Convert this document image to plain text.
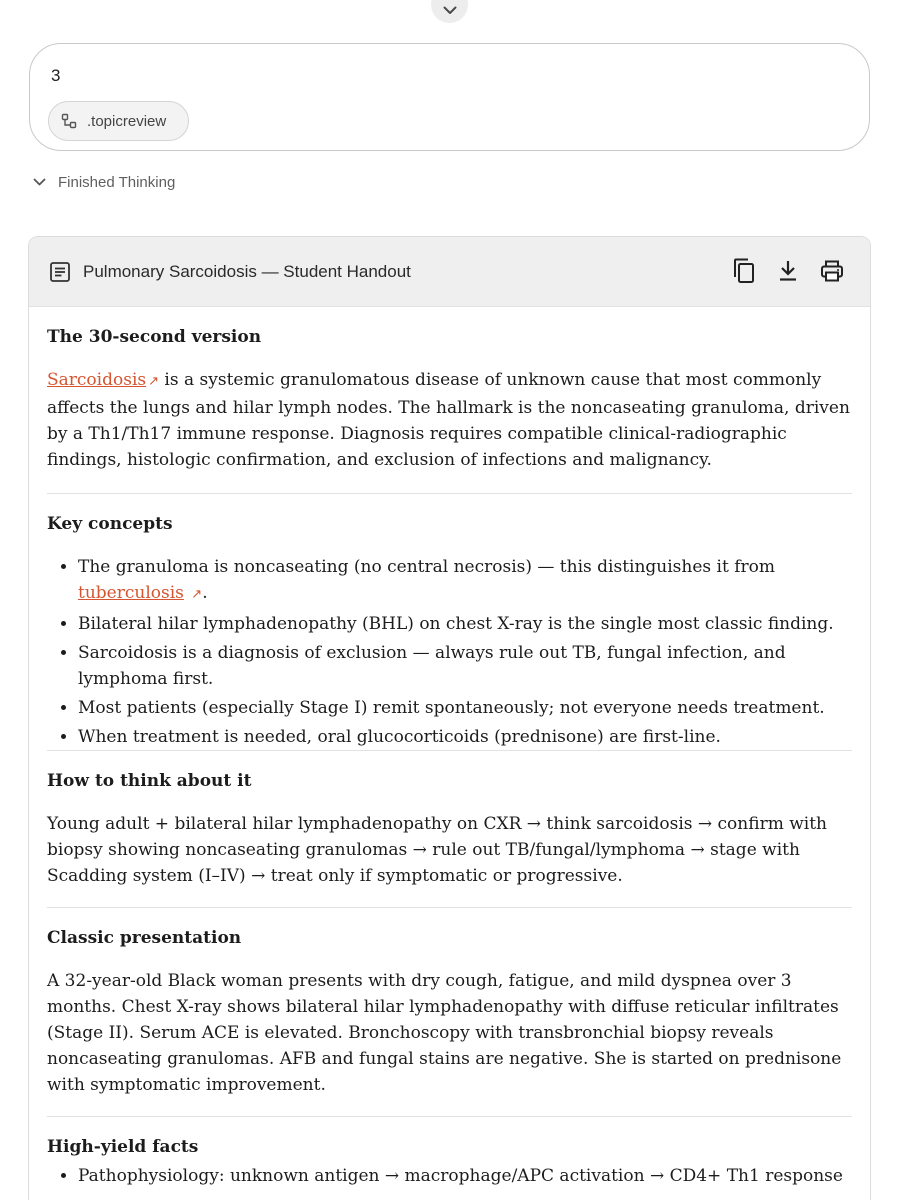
3
.topicreview
Finished Thinking
Pulmonary Sarcoidosis — Student Handout
The 30-second version

Sarcoidosis ↗ is a systemic granulomatous disease of unknown cause that most commonly affects the lungs and hilar lymph nodes. The hallmark is the noncaseating granuloma, driven by a Th1/Th17 immune response. Diagnosis requires compatible clinical-radiographic findings, histologic confirmation, and exclusion of infections and malignancy.

Key concepts
• The granuloma is noncaseating (no central necrosis) — this distinguishes it from tuberculosis ↗.
• Bilateral hilar lymphadenopathy (BHL) on chest X-ray is the single most classic finding.
• Sarcoidosis is a diagnosis of exclusion — always rule out TB, fungal infection, and lymphoma first.
• Most patients (especially Stage I) remit spontaneously; not everyone needs treatment.
• When treatment is needed, oral glucocorticoids (prednisone) are first-line.
How to think about it

Young adult + bilateral hilar lymphadenopathy on CXR → think sarcoidosis → confirm with biopsy showing noncaseating granulomas → rule out TB/fungal/lymphoma → stage with Scadding system (I–IV) → treat only if symptomatic or progressive.

Classic presentation

A 32-year-old Black woman presents with dry cough, fatigue, and mild dyspnea over 3 months. Chest X-ray shows bilateral hilar lymphadenopathy with diffuse reticular infiltrates (Stage II). Serum ACE is elevated. Bronchoscopy with transbronchial biopsy reveals noncaseating granulomas. AFB and fungal stains are negative. She is started on prednisone with symptomatic improvement.

High-yield facts
• Pathophysiology: unknown antigen → macrophage/APC activation → CD4+ Th1 response
